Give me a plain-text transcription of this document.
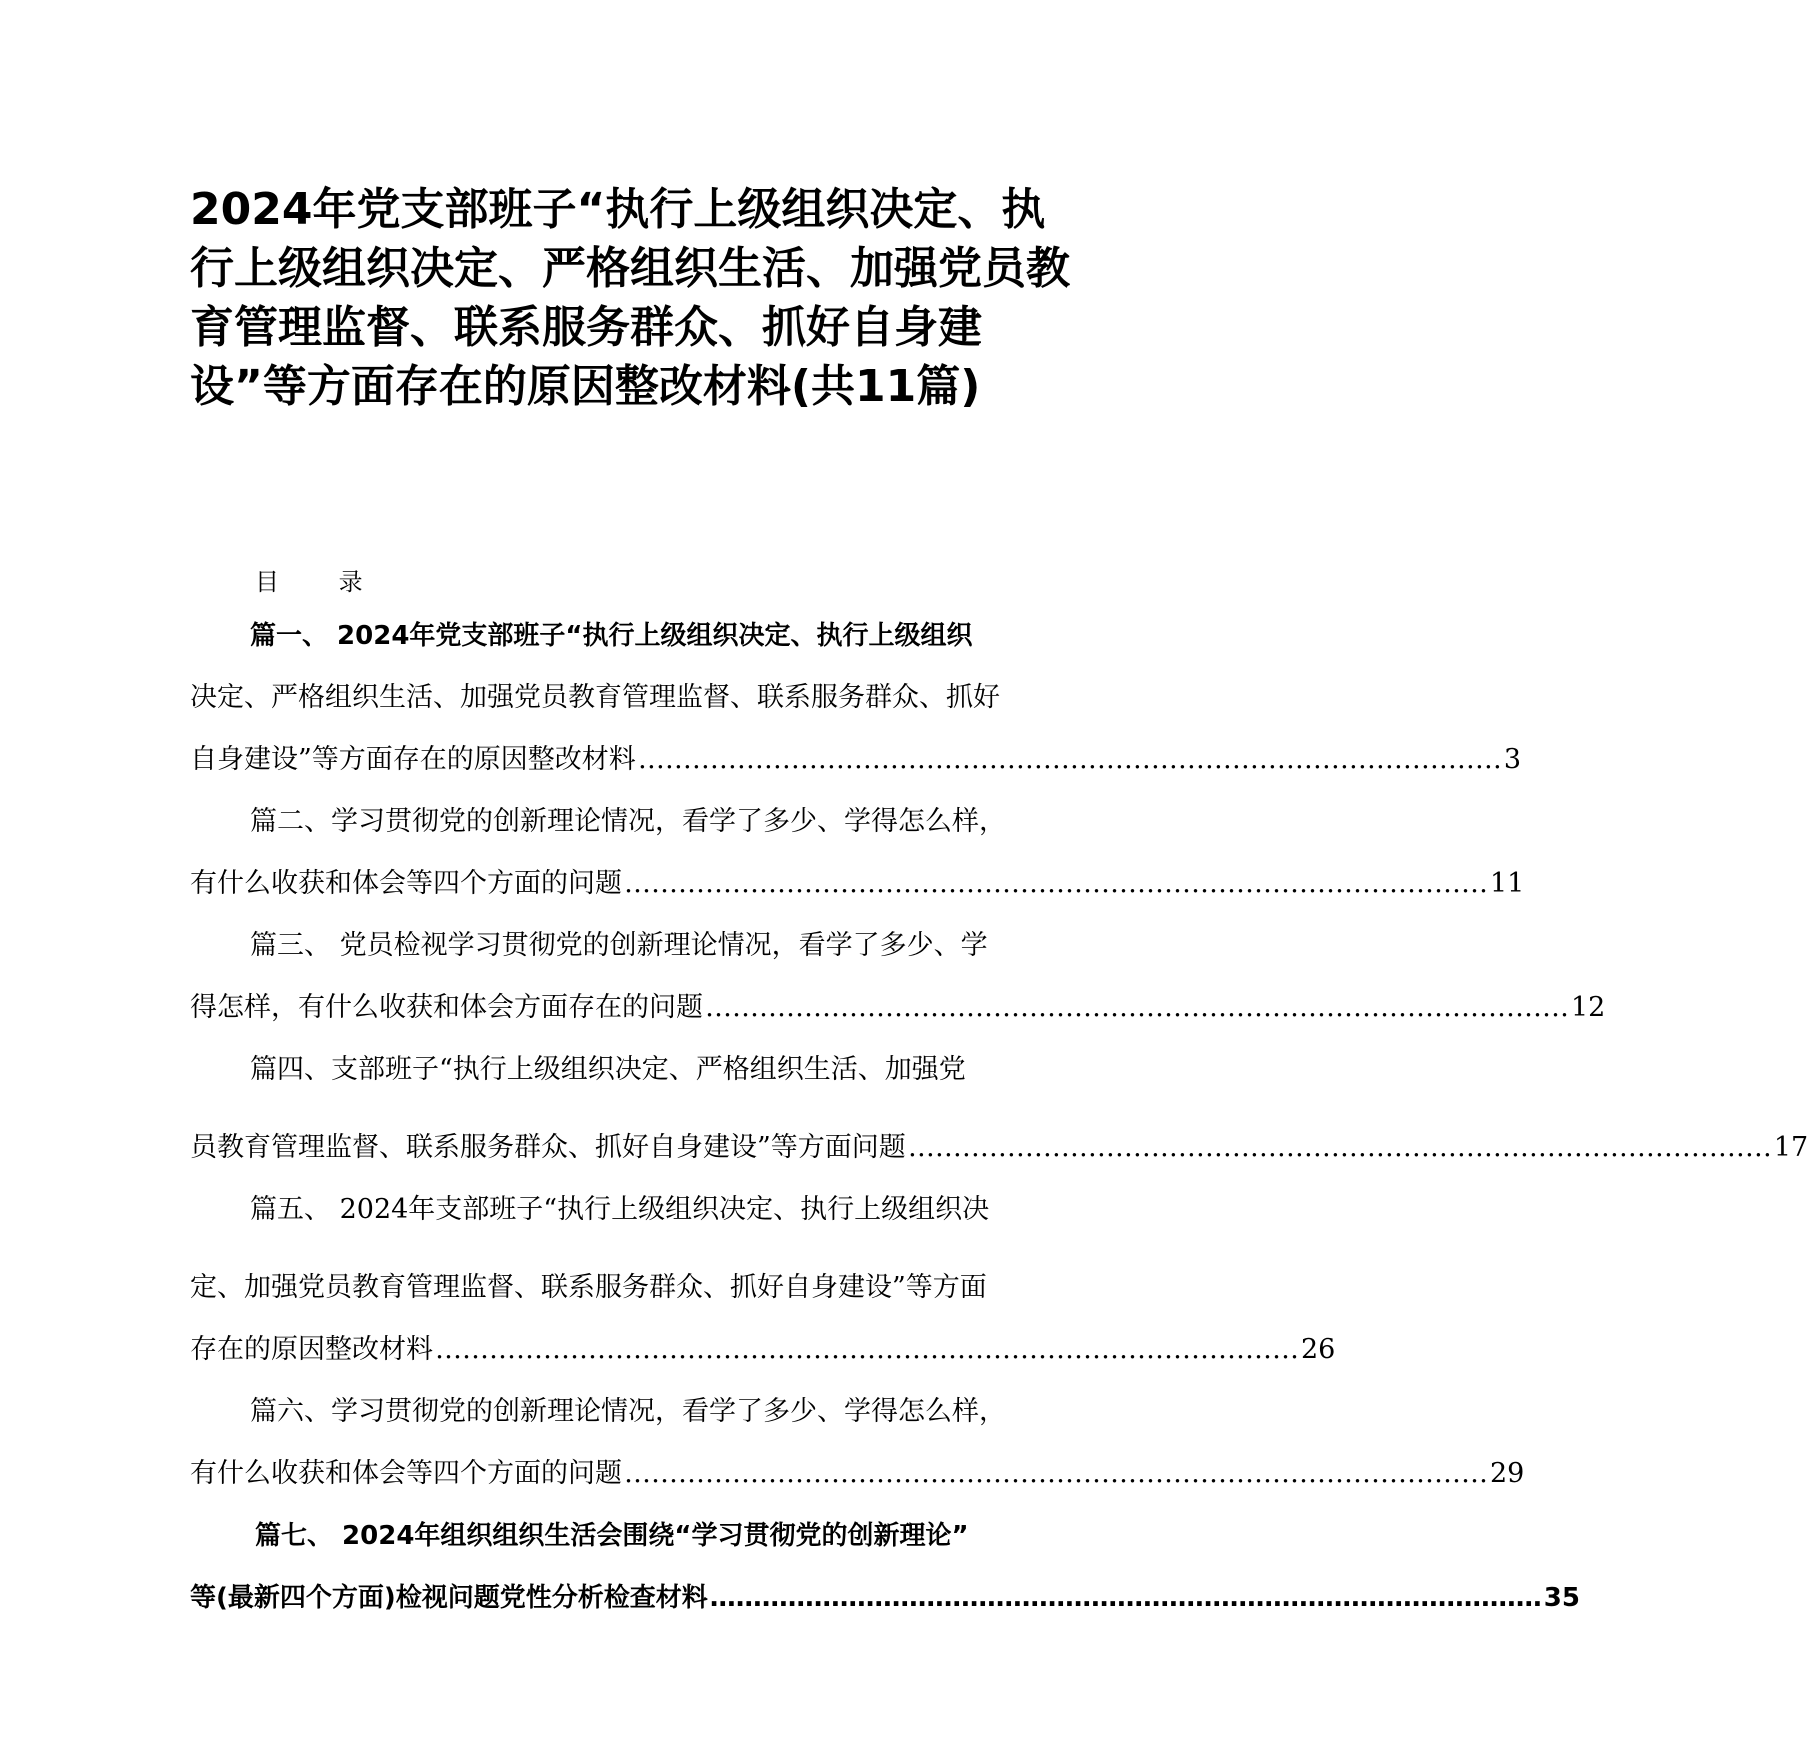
2024年党支部班子“执行上级组织决定、执行上级组织决定、严格组织生活、加强党员教育管理监督、联系服务群众、抓好自身建设”等方面存在的原因整改材料(共11篇)

目 录

篇一、 2024年党支部班子“执行上级组织决定、执行上级组织

决定、严格组织生活、加强党员教育管理监督、联系服务群众、抓好

自身建设”等方面存在的原因整改材料 …………………………………………………………………………………… 3

篇二、学习贯彻党的创新理论情况，看学了多少、学得怎么样，

有什么收获和体会等四个方面的问题 …………………………………………………………………………………… 11

篇三、 党员检视学习贯彻党的创新理论情况，看学了多少、学

得怎样，有什么收获和体会方面存在的问题 …………………………………………………………………………………… 12

篇四、支部班子“执行上级组织决定、严格组织生活、加强党

员教育管理监督、联系服务群众、抓好自身建设”等方面问题 …………………………………………………………………………………… 17

篇五、 2024年支部班子“执行上级组织决定、执行上级组织决

定、加强党员教育管理监督、联系服务群众、抓好自身建设”等方面

存在的原因整改材料 …………………………………………………………………………………… 26

篇六、学习贯彻党的创新理论情况，看学了多少、学得怎么样，

有什么收获和体会等四个方面的问题 …………………………………………………………………………………… 29

篇七、 2024年组织组织生活会围绕“学习贯彻党的创新理论”

等(最新四个方面)检视问题党性分析检查材料 …………………………………………………………………………………… 35
